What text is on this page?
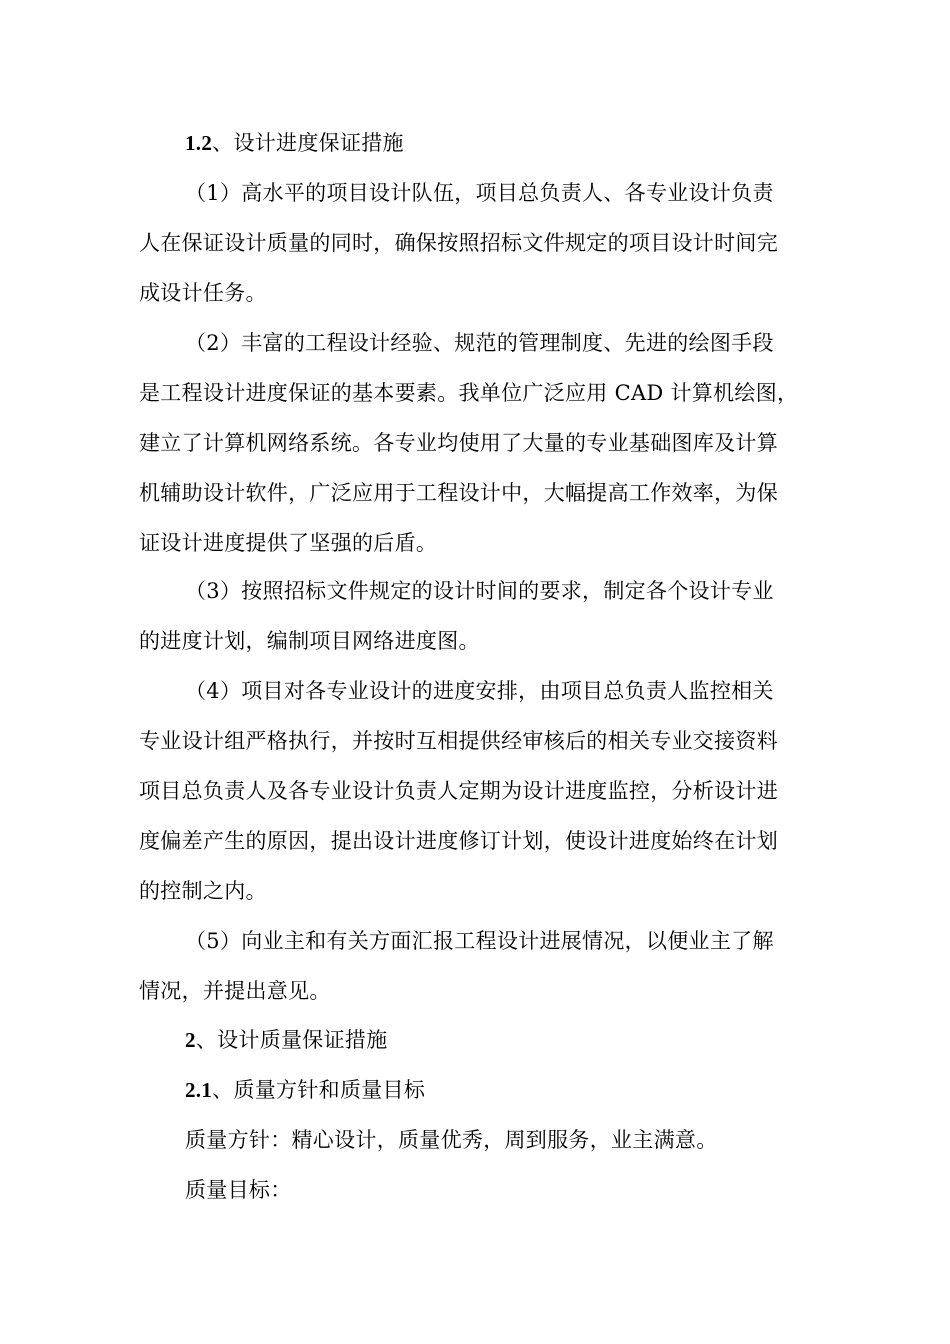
1.2、设计进度保证措施
（1）高水平的项目设计队伍，项目总负责人、各专业设计负责
人在保证设计质量的同时，确保按照招标文件规定的项目设计时间完
成设计任务。
（2）丰富的工程设计经验、规范的管理制度、先进的绘图手段
是工程设计进度保证的基本要素。我单位广泛应用 CAD 计算机绘图，
建立了计算机网络系统。各专业均使用了大量的专业基础图库及计算
机辅助设计软件，广泛应用于工程设计中，大幅提高工作效率，为保
证设计进度提供了坚强的后盾。
（3）按照招标文件规定的设计时间的要求，制定各个设计专业
的进度计划，编制项目网络进度图。
（4）项目对各专业设计的进度安排，由项目总负责人监控相关
专业设计组严格执行，并按时互相提供经审核后的相关专业交接资料
项目总负责人及各专业设计负责人定期为设计进度监控，分析设计进
度偏差产生的原因，提出设计进度修订计划，使设计进度始终在计划
的控制之内。
（5）向业主和有关方面汇报工程设计进展情况，以便业主了解
情况，并提出意见。
2、设计质量保证措施
2.1、质量方针和质量目标
质量方针：精心设计，质量优秀，周到服务，业主满意。
质量目标：
